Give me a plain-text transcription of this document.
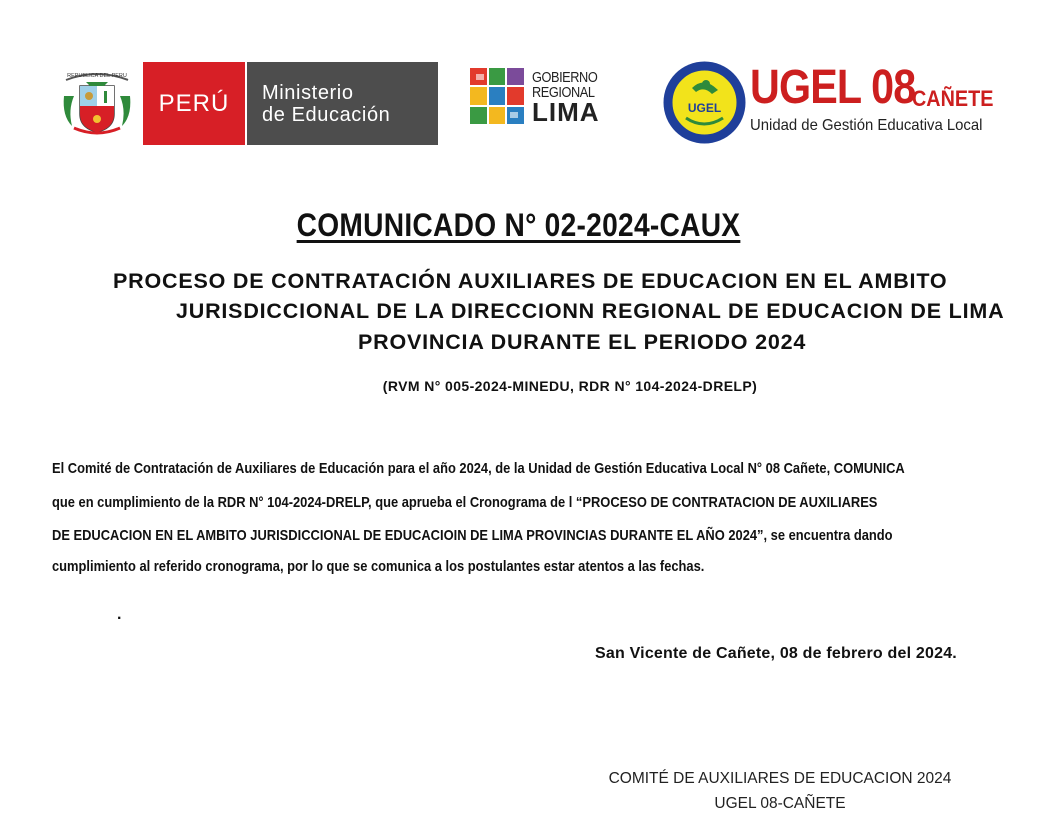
REPUBLICA DEL PERU
PERÚ Ministerio
de Educación
GOBIERNO
REGIONAL
LIMA	UGEL UGEL 08
CAÑETE
Unidad de Gestión Educativa Local
COMUNICADO N° 02-2024-CAUX
PROCESO DE CONTRATACIÓN AUXILIARES DE EDUCACION EN EL AMBITO
JURISDICCIONAL DE LA DIRECCIONN REGIONAL DE EDUCACION DE LIMA
PROVINCIA DURANTE EL PERIODO 2024
(RVM N° 005-2024-MINEDU, RDR N° 104-2024-DRELP)
El Comité de Contratación de Auxiliares de Educación para el año 2024, de la Unidad de Gestión Educativa Local N° 08 Cañete, COMUNICA
que en cumplimiento de la RDR N° 104-2024-DRELP, que aprueba el Cronograma de l “PROCESO DE CONTRATACION DE AUXILIARES
DE EDUCACION EN EL AMBITO JURISDICCIONAL DE EDUCACIOIN DE LIMA PROVINCIAS DURANTE EL AÑO 2024”, se encuentra dando
cumplimiento al referido cronograma, por lo que se comunica a los postulantes estar atentos a las fechas.
.
San Vicente de Cañete, 08 de febrero del 2024.
COMITÉ DE AUXILIARES DE EDUCACION 2024
UGEL 08-CAÑETE
